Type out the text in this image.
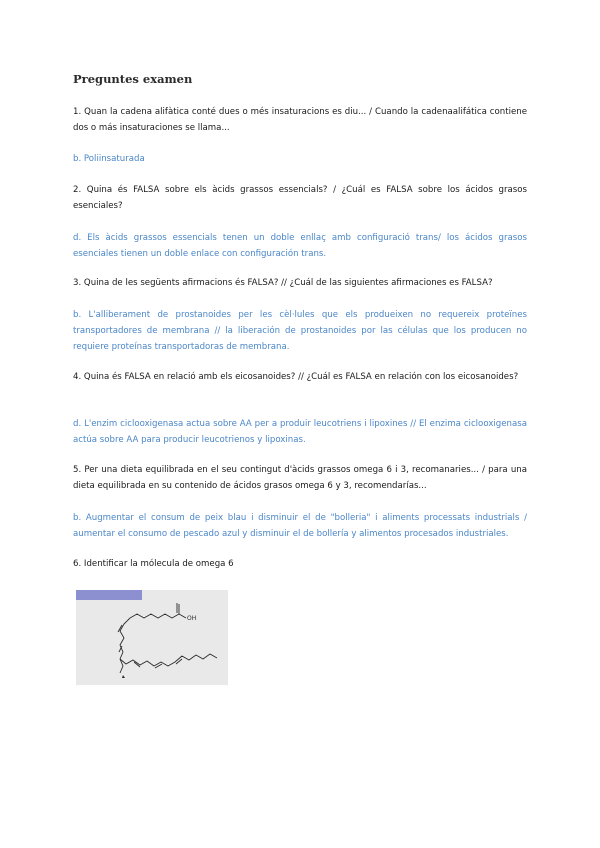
Preguntes examen
1. Quan la cadena alifàtica conté dues o més insaturacions es diu... / Cuando la cadenaalifática contiene dos o más insaturaciones se llama...
b. Poliinsaturada
2. Quina és FALSA sobre els àcids grassos essencials? / ¿Cuál es FALSA sobre los ácidos grasos esenciales?
d. Els àcids grassos essencials tenen un doble enllaç amb configuració trans/ los ácidos grasos esenciales tienen un doble enlace con configuración trans.
3. Quina de les següents afirmacions és FALSA? // ¿Cuál de las siguientes afirmaciones es FALSA?
b. L'alliberament de prostanoides per les cèl·lules que els produeixen no requereix proteïnes transportadores de membrana // la liberación de prostanoides por las células que los producen no requiere proteínas transportadoras de membrana.
4. Quina és FALSA en relació amb els eicosanoides? // ¿Cuál es FALSA en relación con los eicosanoides?
d. L'enzim ciclooxigenasa actua sobre AA per a produir leucotriens i lipoxines // El enzima ciclooxigenasa actúa sobre AA para producir leucotrienos y lipoxinas.
5. Per una dieta equilibrada en el seu contingut d'àcids grassos omega 6 i 3, recomanaries... / para una dieta equilibrada en su contenido de ácidos grasos omega 6 y 3, recomendarías...
b. Augmentar el consum de peix blau i disminuir el de "bolleria" i aliments processats industrials / aumentar el consumo de pescado azul y disminuir el de bollería y alimentos procesados industriales.
6. Identificar la mólecula de omega 6
OH
